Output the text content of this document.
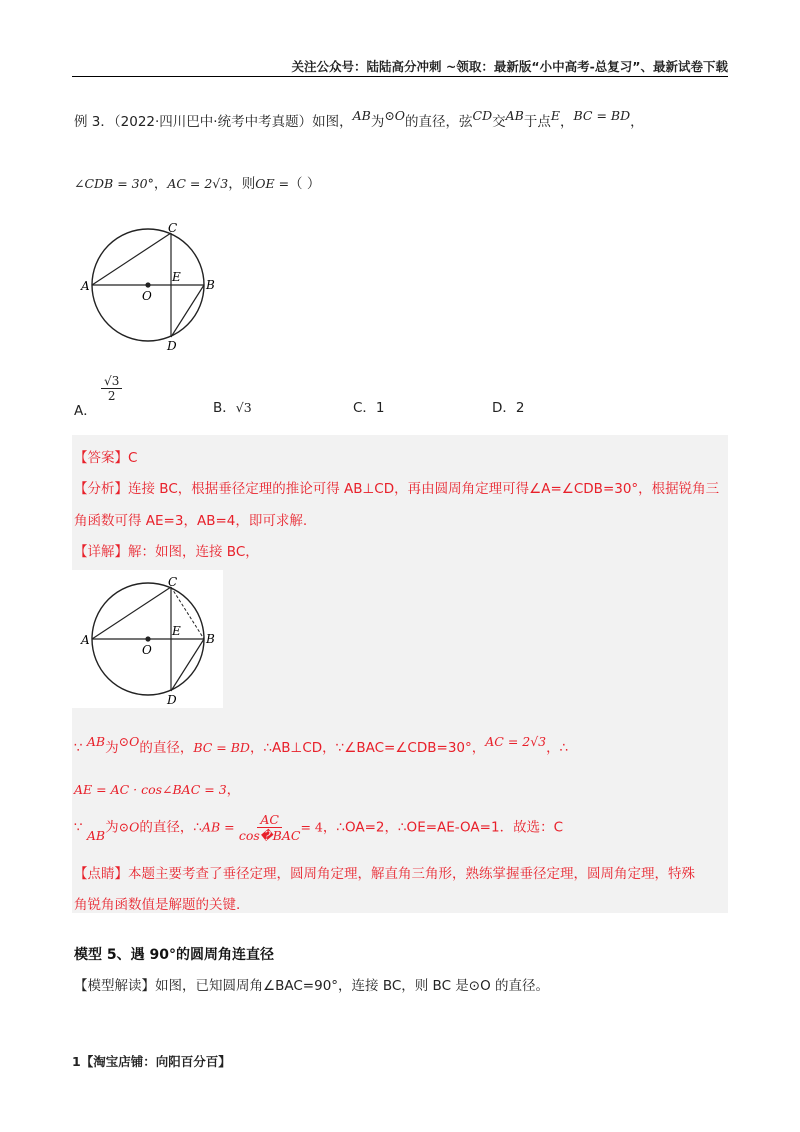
关注公众号：陆陆高分冲刺 ~领取：最新版“小中高考-总复习”、最新试卷下载
例 3．（2022·四川巴中·统考中考真题）如图，AB为⊙O的直径，弦CD交AB于点E，BC = BD，
∠CDB = 30°，AC = 2√3，则OE =（ ）
C
A	B
E
O
D
A．
$\frac{√3}{2}$
B．√3	C．1	D．2
【答案】C
【分析】连接 BC，根据垂径定理的推论可得 AB⊥CD，再由圆周角定理可得∠A=∠CDB=30°，根据锐角三
角函数可得 AE=3，AB=4，即可求解.
【详解】解：如图，连接 BC，
C
A	B
E
O
D
∵ AB为⊙O的直径，BC = BD，∴AB⊥CD，∵∠BAC=∠CDB=30°，AC = 2√3，∴
AE = AC · cos∠BAC = 3，
∵ AB为⊙O的直径，∴AB = $\frac{AC}{\text{cos�BAC}} = 4$，∴OA=2，∴OE=AE-OA=1．故选：C
【点睛】本题主要考查了垂径定理，圆周角定理，解直角三角形，熟练掌握垂径定理，圆周角定理，特殊
角锐角函数值是解题的关键.
模型 5、遇 90°的圆周角连直径
【模型解读】如图，已知圆周角∠BAC=90°，连接 BC，则 BC 是⊙O 的直径。
1【淘宝店铺：向阳百分百】
